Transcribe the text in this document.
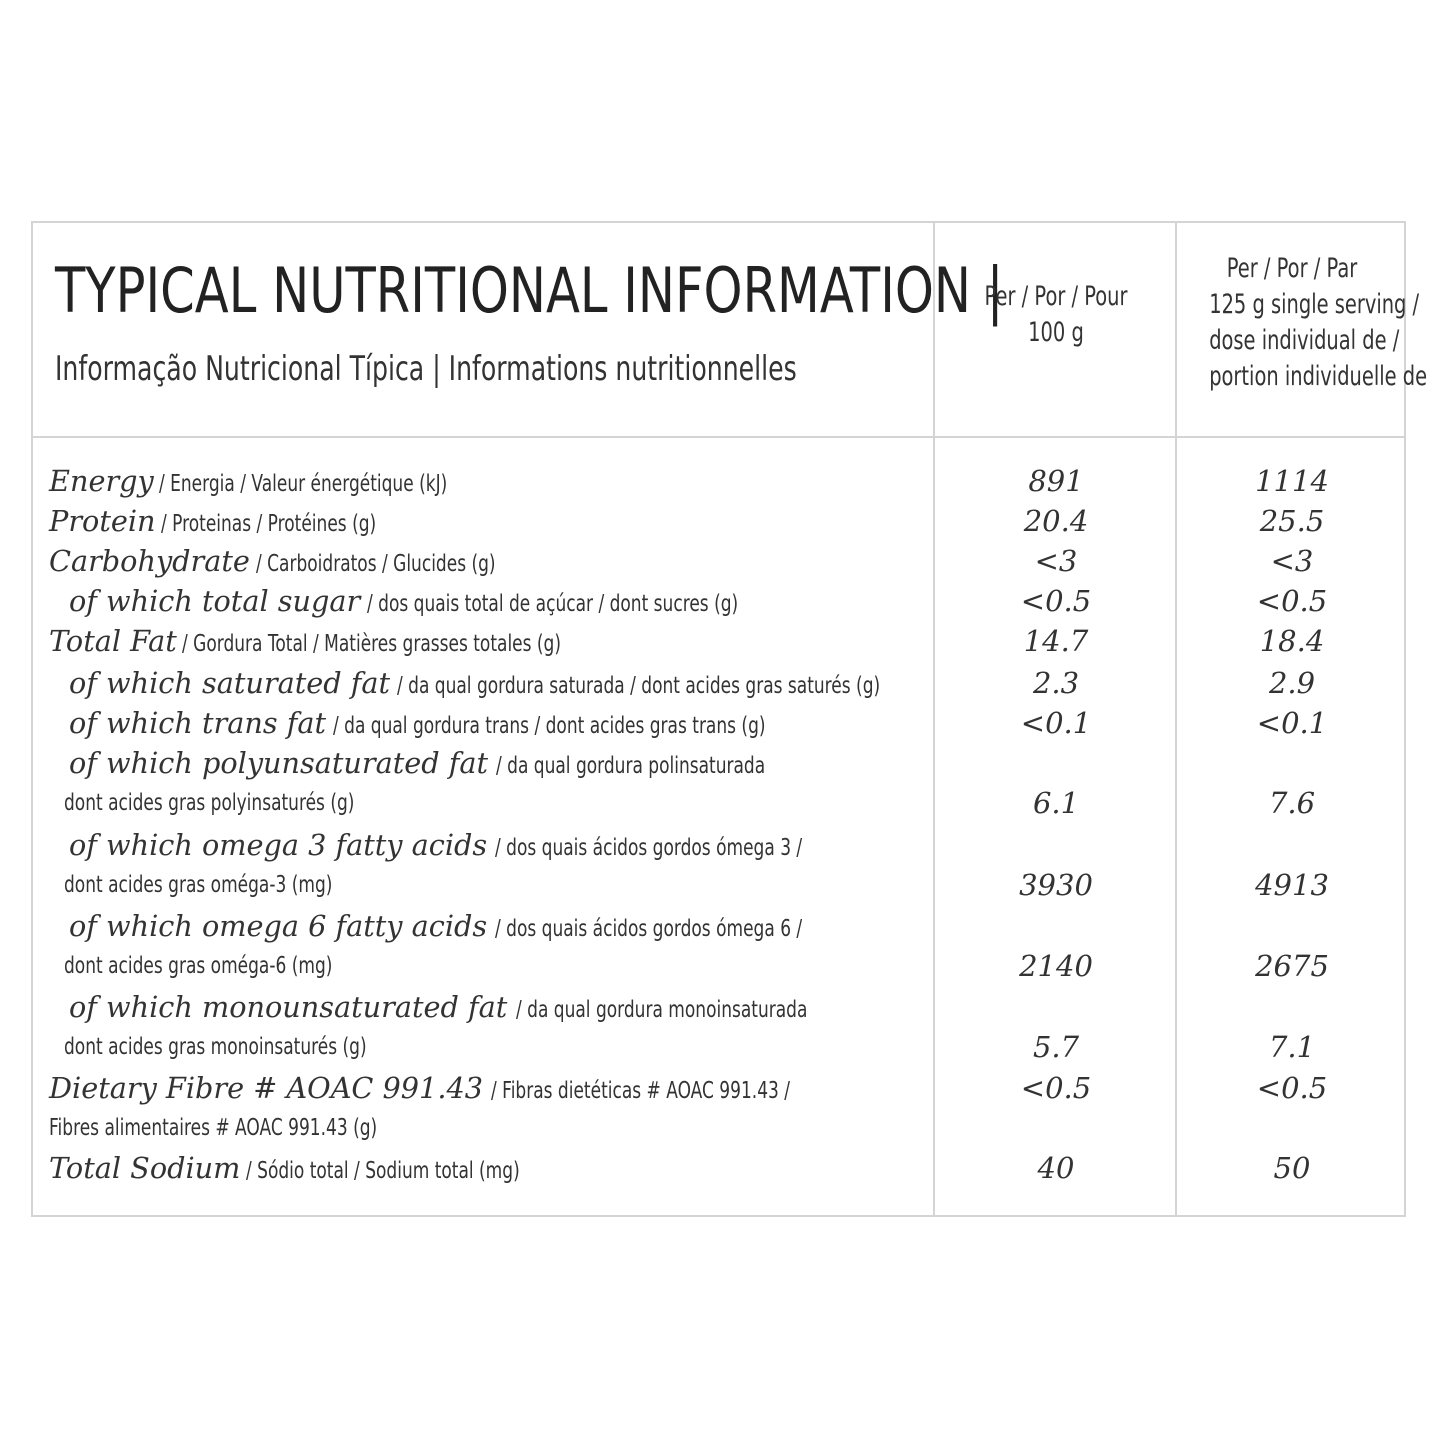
TYPICAL NUTRITIONAL INFORMATION |
Informação Nutricional Típica | Informations nutritionnelles
Per / Por / Pour
100 g
Per / Por / Par
125 g single serving /
dose individual de /
portion individuelle de
Energy / Energia / Valeur énergétique (kJ)	891	1114
Protein / Proteinas / Protéines (g)	20.4	25.5
Carbohydrate / Carboidratos / Glucides (g)	<3	<3
of which total sugar / dos quais total de açúcar / dont sucres (g)	<0.5	<0.5
Total Fat / Gordura Total / Matières grasses totales (g)	14.7	18.4
of which saturated fat / da qual gordura saturada / dont acides gras saturés (g)	2.3	2.9
of which trans fat / da qual gordura trans / dont acides gras trans (g)	<0.1	<0.1
of which polyunsaturated fat / da qual gordura polinsaturada
dont acides gras polyinsaturés (g)	6.1	7.6
of which omega 3 fatty acids / dos quais ácidos gordos ómega 3 /
dont acides gras oméga-3 (mg)	3930	4913
of which omega 6 fatty acids / dos quais ácidos gordos ómega 6 /
dont acides gras oméga-6 (mg)	2140	2675
of which monounsaturated fat / da qual gordura monoinsaturada
dont acides gras monoinsaturés (g)	5.7	7.1
Dietary Fibre # AOAC 991.43 / Fibras dietéticas # AOAC 991.43 /	<0.5	<0.5
Fibres alimentaires # AOAC 991.43 (g)
Total Sodium / Sódio total / Sodium total (mg)	40	50
